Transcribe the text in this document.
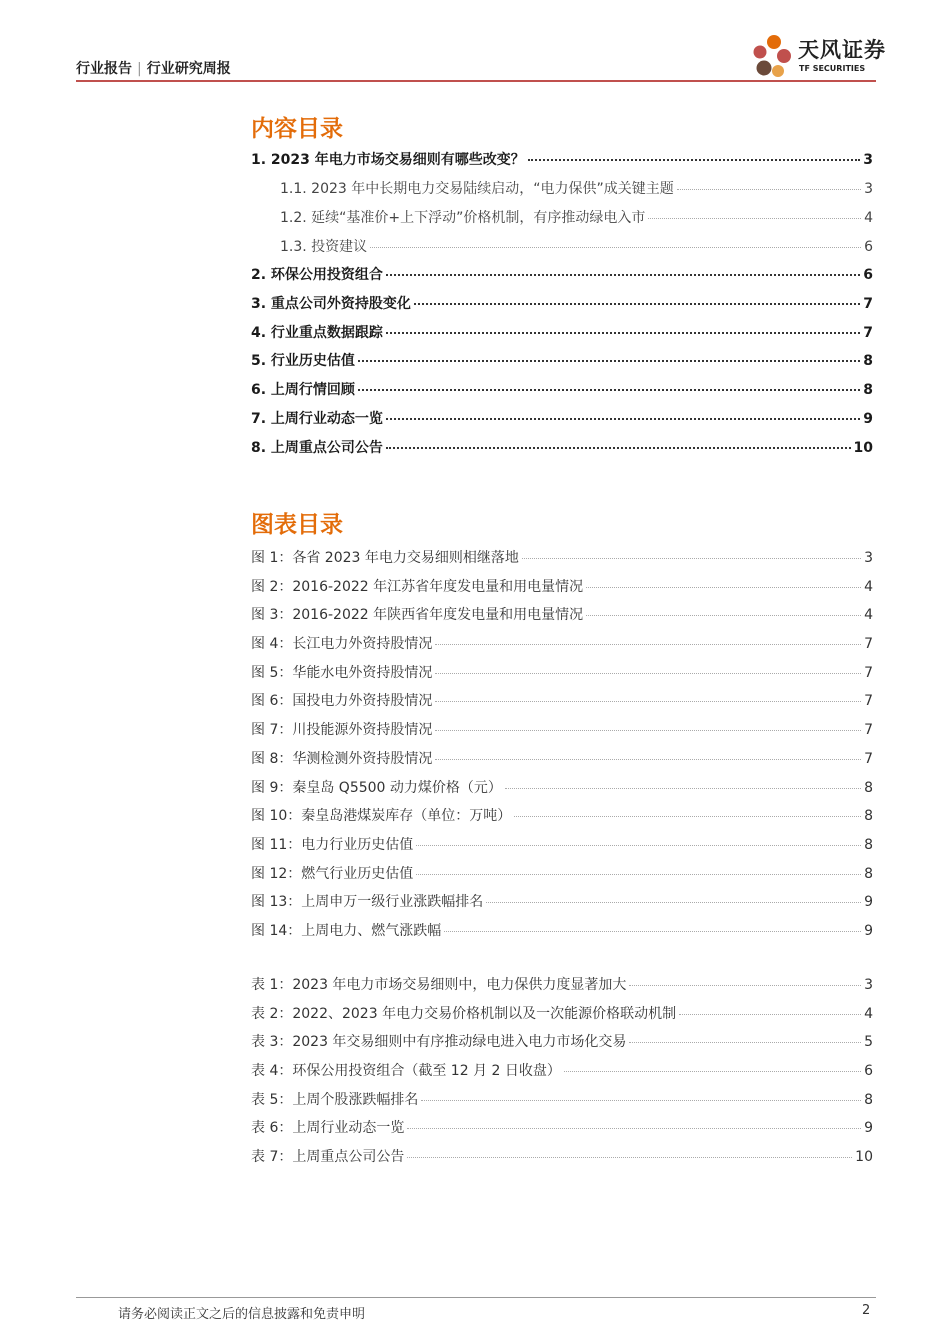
行业报告 | 行业研究周报
天风证券
TF SECURITIES
内容目录
1. 2023 年电力市场交易细则有哪些改变？	3
1.1. 2023 年中长期电力交易陆续启动，“电力保供”成关键主题	3
1.2. 延续“基准价+上下浮动”价格机制，有序推动绿电入市	4
1.3. 投资建议	6
2. 环保公用投资组合	6
3. 重点公司外资持股变化	7
4. 行业重点数据跟踪	7
5. 行业历史估值	8
6. 上周行情回顾	8
7. 上周行业动态一览	9
8. 上周重点公司公告	10
图表目录
图 1：各省 2023 年电力交易细则相继落地	3
图 2：2016-2022 年江苏省年度发电量和用电量情况	4
图 3：2016-2022 年陕西省年度发电量和用电量情况	4
图 4：长江电力外资持股情况	7
图 5：华能水电外资持股情况	7
图 6：国投电力外资持股情况	7
图 7：川投能源外资持股情况	7
图 8：华测检测外资持股情况	7
图 9：秦皇岛 Q5500 动力煤价格（元）	8
图 10：秦皇岛港煤炭库存（单位：万吨）	8
图 11：电力行业历史估值	8
图 12：燃气行业历史估值	8
图 13：上周申万一级行业涨跌幅排名	9
图 14：上周电力、燃气涨跌幅	9
表 1：2023 年电力市场交易细则中，电力保供力度显著加大	3
表 2：2022、2023 年电力交易价格机制以及一次能源价格联动机制	4
表 3：2023 年交易细则中有序推动绿电进入电力市场化交易	5
表 4：环保公用投资组合（截至 12 月 2 日收盘）	6
表 5：上周个股涨跌幅排名	8
表 6：上周行业动态一览	9
表 7：上周重点公司公告	10
请务必阅读正文之后的信息披露和免责申明	2
